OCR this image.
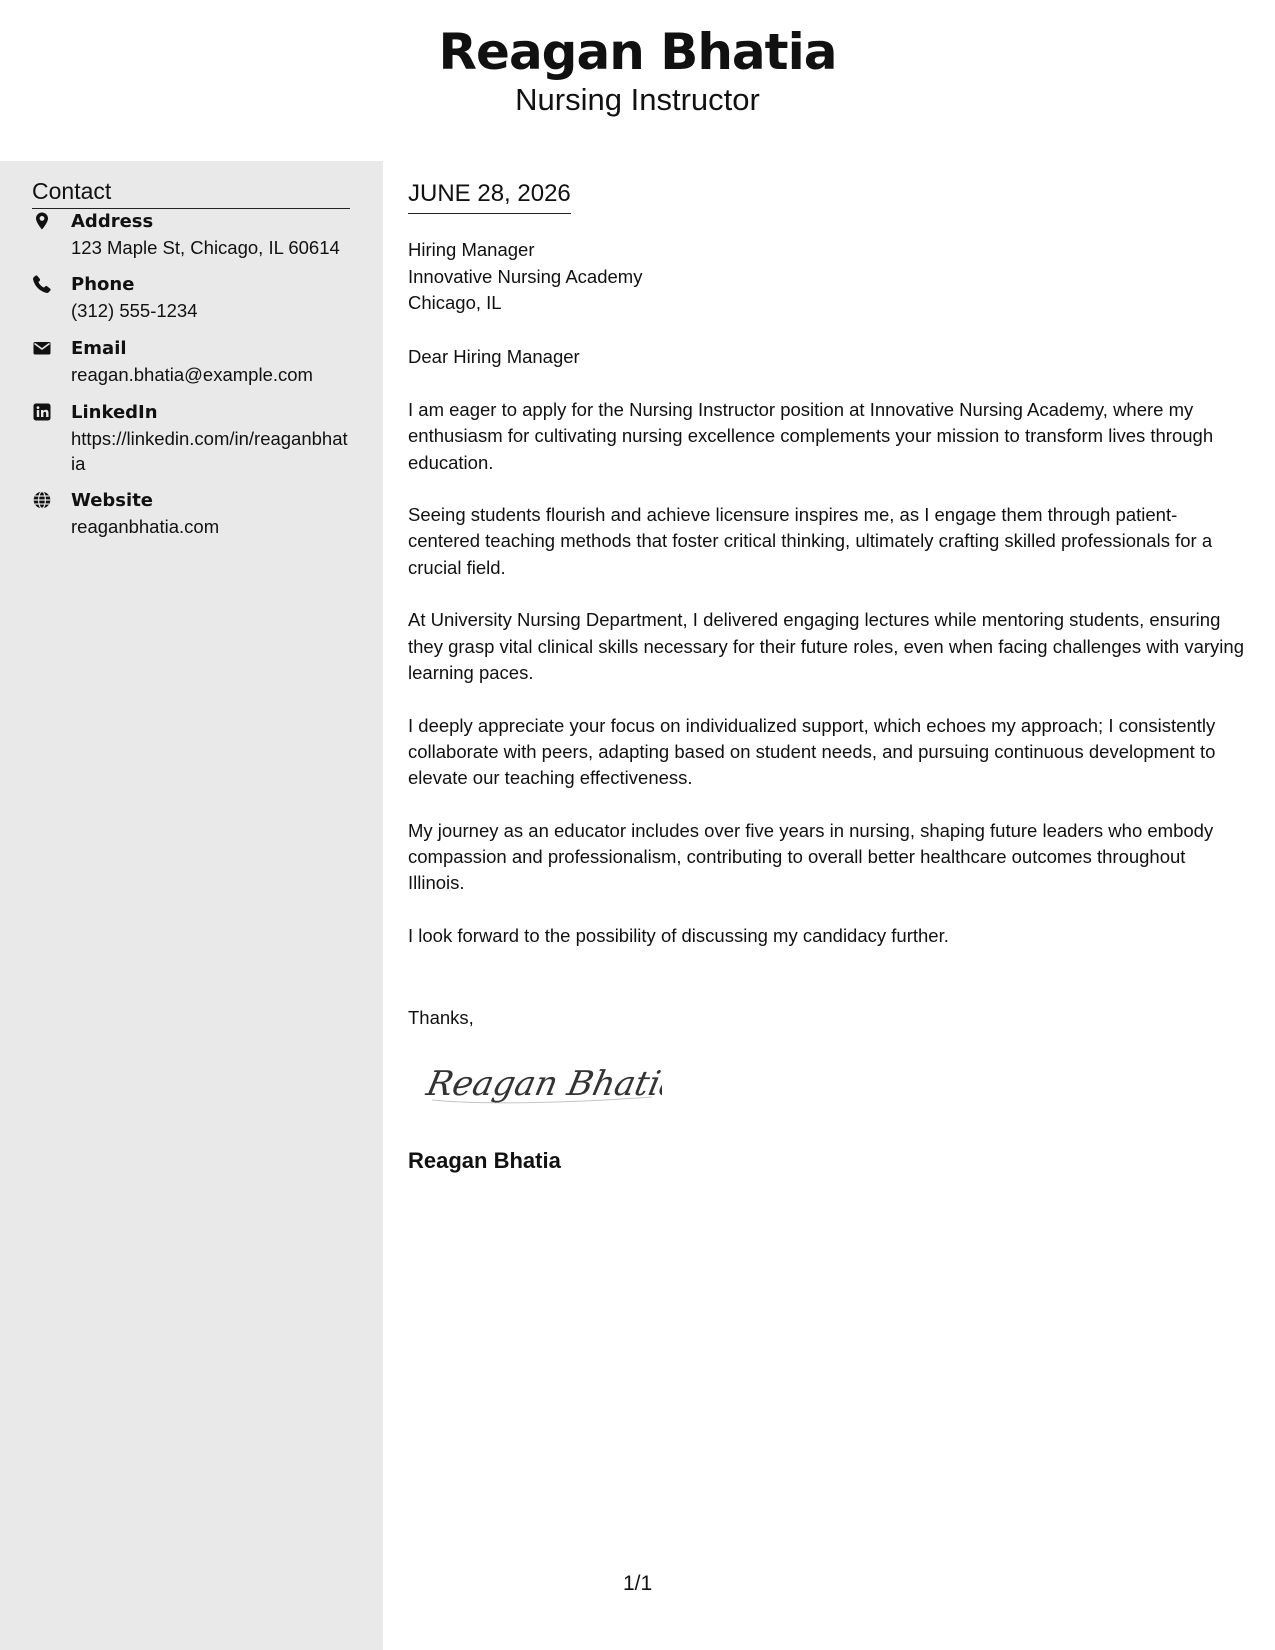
Reagan Bhatia
Nursing Instructor
Contact
Address
123 Maple St, Chicago, IL 60614
Phone
(312) 555-1234
Email
reagan.bhatia@example.com
LinkedIn
https://linkedin.com/in/reaganbhatia
Website
reaganbhatia.com
JUNE 28, 2026
Hiring Manager
Innovative Nursing Academy
Chicago, IL
Dear Hiring Manager

I am eager to apply for the Nursing Instructor position at Innovative Nursing Academy, where my enthusiasm for cultivating nursing excellence complements your mission to transform lives through education.

Seeing students flourish and achieve licensure inspires me, as I engage them through patient-centered teaching methods that foster critical thinking, ultimately crafting skilled professionals for a crucial field.

At University Nursing Department, I delivered engaging lectures while mentoring students, ensuring they grasp vital clinical skills necessary for their future roles, even when facing challenges with varying learning paces.

I deeply appreciate your focus on individualized support, which echoes my approach; I consistently collaborate with peers, adapting based on student needs, and pursuing continuous development to elevate our teaching effectiveness.

My journey as an educator includes over five years in nursing, shaping future leaders who embody compassion and professionalism, contributing to overall better healthcare outcomes throughout Illinois.

I look forward to the possibility of discussing my candidacy further.

Thanks,
Reagan Bhatia
Reagan Bhatia
1/1
